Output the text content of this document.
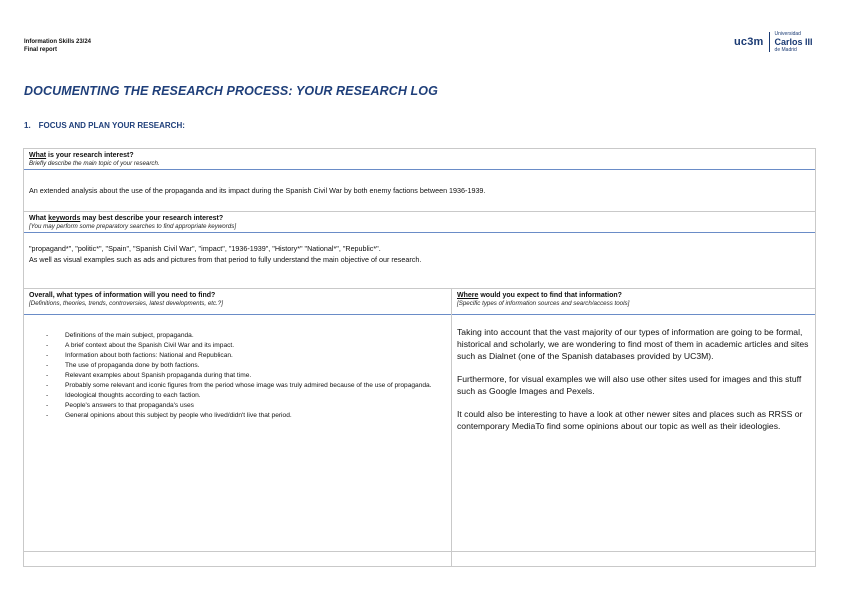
Information Skills 23/24
Final report
uc3m
Universidad
Carlos III
de Madrid
DOCUMENTING THE RESEARCH PROCESS: YOUR RESEARCH LOG
1. FOCUS AND PLAN YOUR RESEARCH:
What is your research interest?
Briefly describe the main topic of your research.
An extended analysis about the use of the propaganda and its impact during the Spanish Civil War by both enemy factions between 1936-1939.
What keywords may best describe your research interest?
[You may perform some preparatory searches to find appropriate keywords]
"propagand*", "politic*", "Spain", "Spanish Civil War", "impact", "1936-1939", "History*" "National*", "Republic*".
As well as visual examples such as ads and pictures from that period to fully understand the main objective of our research.
Overall, what types of information will you need to find?
[Definitions, theories, trends, controversies, latest developments, etc.?]
-	Definitions of the main subject, propaganda.
-	A brief context about the Spanish Civil War and its impact.
-	Information about both factions: National and Republican.
-	The use of propaganda done by both factions.
-	Relevant examples about Spanish propaganda during that time.
-	Probably some relevant and iconic figures from the period whose image was truly admired because of the use of propaganda.
-	Ideological thoughts according to each faction.
-	People's answers to that propaganda's uses
-	General opinions about this subject by people who lived/didn't live that period.
Where would you expect to find that information?
[Specific types of information sources and search/access tools]

Taking into account that the vast majority of our types of information are going to be formal, historical and scholarly, we are wondering to find most of them in academic articles and sites such as Dialnet (one of the Spanish databases provided by UC3M).

Furthermore, for visual examples we will also use other sites used for images and this stuff such as Google Images and Pexels.

It could also be interesting to have a look at other newer sites and places such as RRSS or contemporary MediaTo find some opinions about our topic as well as their ideologies.
